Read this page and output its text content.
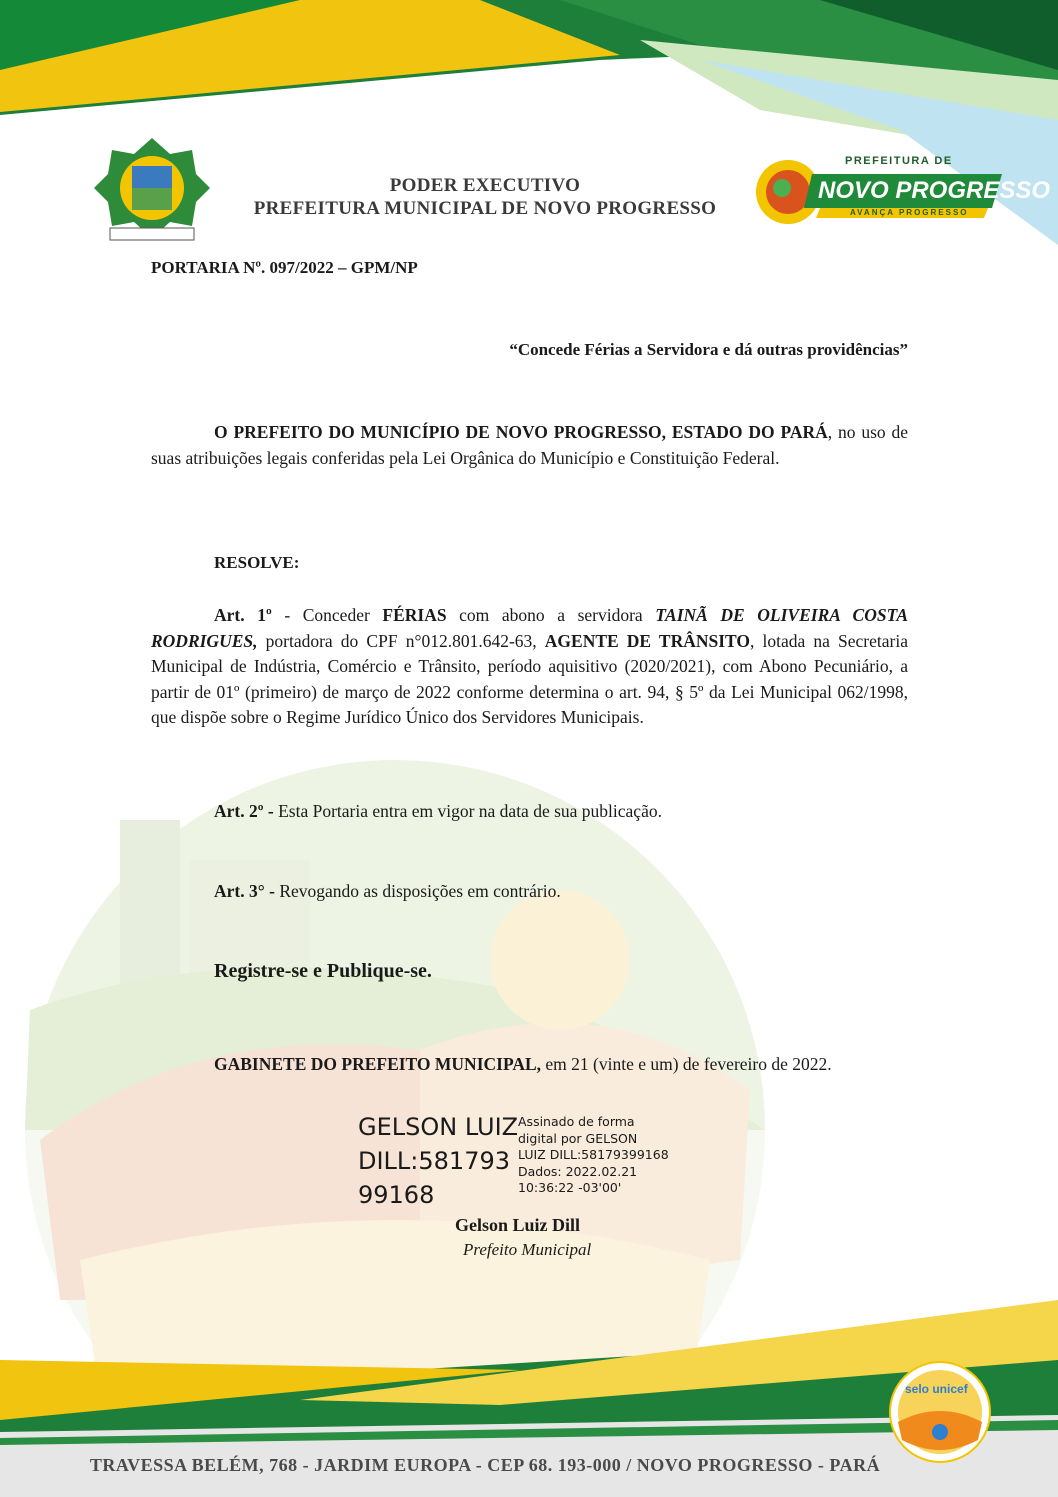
PODER EXECUTIVO
PREFEITURA MUNICIPAL DE NOVO PROGRESSO
PREFEITURA DE
NOVO PROGRESSO
AVANÇA PROGRESSO
PORTARIA Nº. 097/2022 – GPM/NP
“Concede Férias a Servidora e dá outras providências”
O PREFEITO DO MUNICÍPIO DE NOVO PROGRESSO, ESTADO DO PARÁ, no uso de suas atribuições legais conferidas pela Lei Orgânica do Município e Constituição Federal.
RESOLVE:
Art. 1º - Conceder FÉRIAS com abono a servidora TAINÃ DE OLIVEIRA COSTA RODRIGUES, portadora do CPF n°012.801.642-63, AGENTE DE TRÂNSITO, lotada na Secretaria Municipal de Indústria, Comércio e Trânsito, período aquisitivo (2020/2021), com Abono Pecuniário, a partir de 01º (primeiro) de março de 2022 conforme determina o art. 94, § 5º da Lei Municipal 062/1998, que dispõe sobre o Regime Jurídico Único dos Servidores Municipais.
Art. 2º - Esta Portaria entra em vigor na data de sua publicação.
Art. 3° - Revogando as disposições em contrário.
Registre-se e Publique-se.
GABINETE DO PREFEITO MUNICIPAL, em 21 (vinte e um) de fevereiro de 2022.
GELSON LUIZ
DILL:581793
99168
Assinado de forma
digital por GELSON
LUIZ DILL:58179399168
Dados: 2022.02.21
10:36:22 -03'00'
Gelson Luiz Dill
Prefeito Municipal
selo unicef
TRAVESSA BELÉM, 768 - JARDIM EUROPA - CEP 68. 193-000 / NOVO PROGRESSO - PARÁ
